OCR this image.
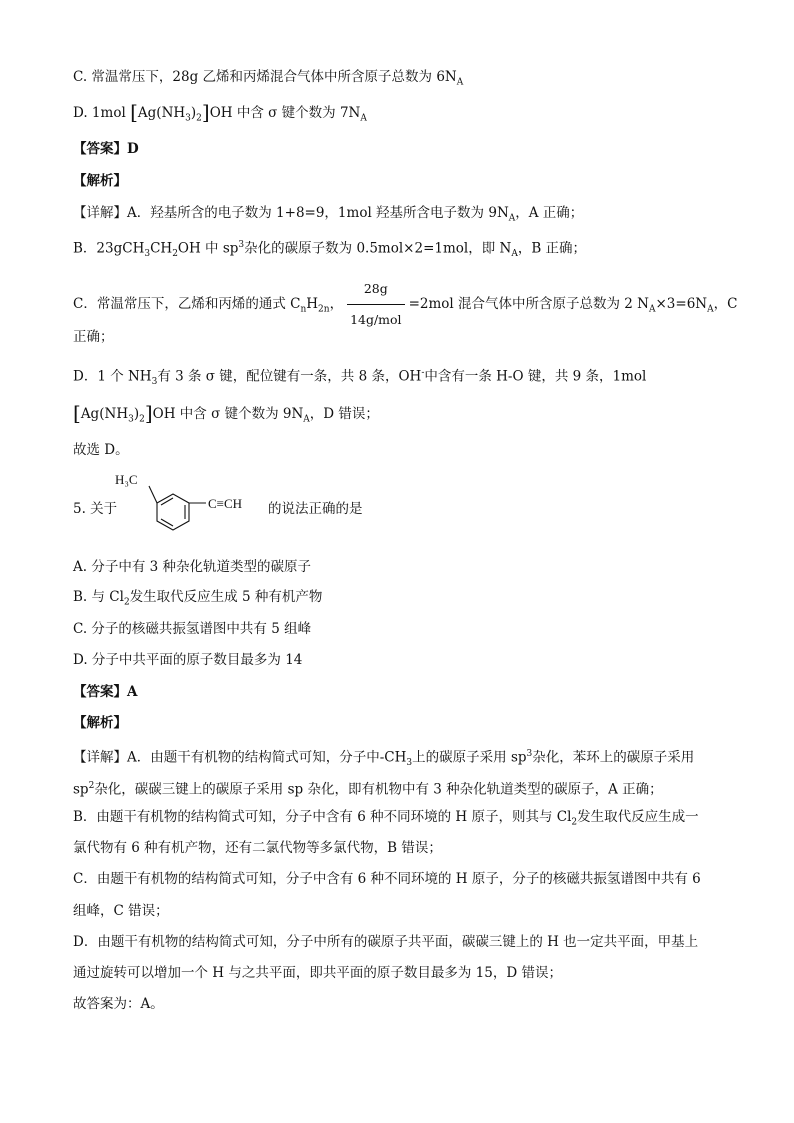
C. 常温常压下，28g 乙烯和丙烯混合气体中所含原子总数为 $6N_A$
D. 1mol $[Ag(NH_3)_2]OH$ 中含 σ 键个数为 $7N_A$
【答案】D
【解析】
【详解】A．羟基所含的电子数为 1+8=9，1mol 羟基所含电子数为 $9N_A$，A 正确；
B．$23gCH_3CH_2OH$ 中 $sp^3$杂化的碳原子数为 0.5mol×2=1mol，即 $N_A$，B 正确；
C．常温常压下，乙烯和丙烯的通式 $C_nH_{2n}$， $\frac{28g}{\text{14g/mol}} =2mol$ 混合气体中所含原子总数为 2 $N_A\times 3=6N_A$，C
正确；
D．1 个 $NH_3$有 3 条 σ 键，配位键有一条，共 8 条，OH-中含有一条 H-O 键，共 9 条，1mol
$[Ag(NH_3)_2]OH$ 中含 σ 键个数为 $9N_A$，D 错误；
故选 D。
5. 关于
H₃C
C≡CH 的说法正确的是
A. 分子中有 3 种杂化轨道类型的碳原子
B. 与 $Cl_2$发生取代反应生成 5 种有机产物
C. 分子的核磁共振氢谱图中共有 5 组峰
D. 分子中共平面的原子数目最多为 14
【答案】A
【解析】
【详解】A．由题干有机物的结构简式可知，分子中$-CH_3$上的碳原子采用 $sp^3$杂化，苯环上的碳原子采用
$sp^2$杂化，碳碳三键上的碳原子采用 sp 杂化，即有机物中有 3 种杂化轨道类型的碳原子，A 正确；
B．由题干有机物的结构简式可知，分子中含有 6 种不同环境的 H 原子，则其与 $Cl_2$发生取代反应生成一
氯代物有 6 种有机产物，还有二氯代物等多氯代物，B 错误；
C．由题干有机物的结构简式可知，分子中含有 6 种不同环境的 H 原子，分子的核磁共振氢谱图中共有 6
组峰，C 错误；
D．由题干有机物的结构简式可知，分子中所有的碳原子共平面，碳碳三键上的 H 也一定共平面，甲基上
通过旋转可以增加一个 H 与之共平面，即共平面的原子数目最多为 15，D 错误；
故答案为：A。
